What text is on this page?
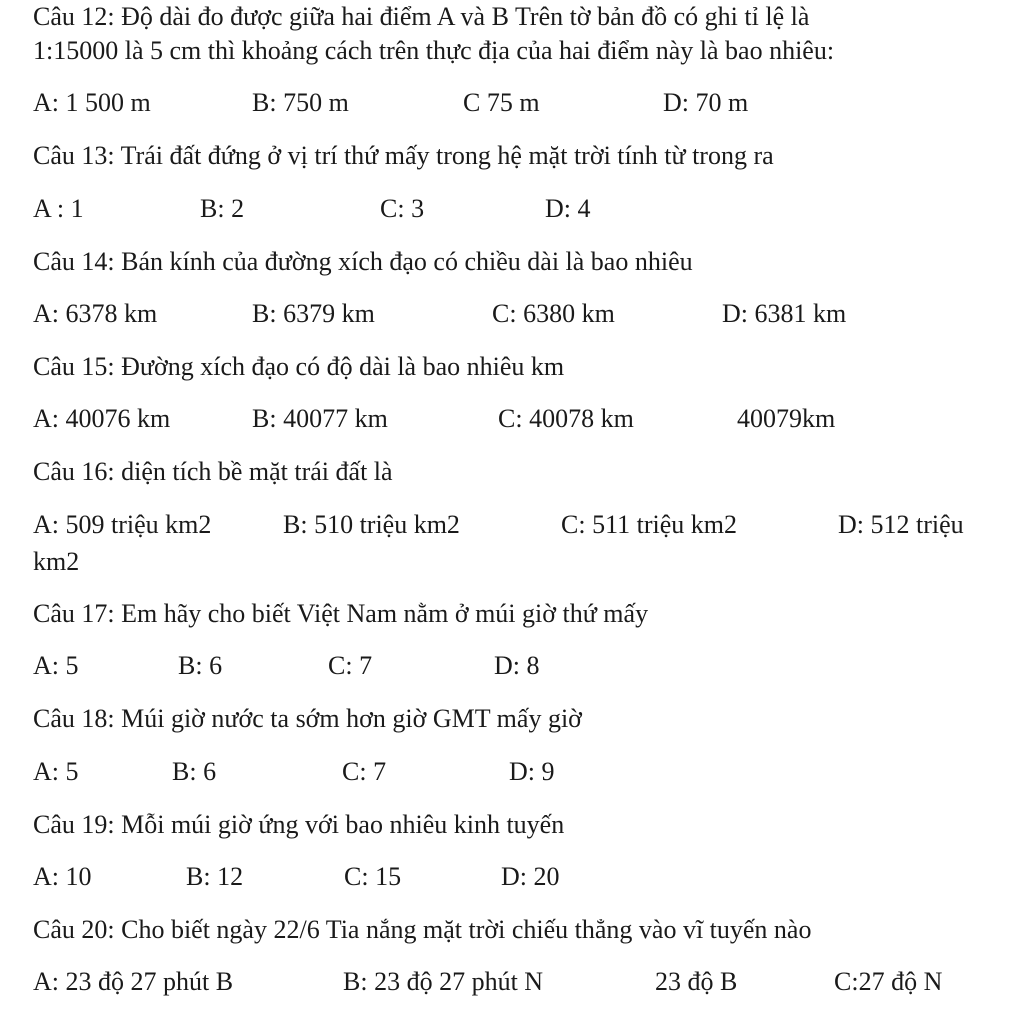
Câu 12: Độ dài đo được giữa hai điểm A và B Trên tờ bản đồ có ghi tỉ lệ là
1:15000 là 5 cm thì khoảng cách trên thực địa của hai điểm này là bao nhiêu:
A: 1 500 m	B: 750 m	C 75 m	D: 70 m
Câu 13: Trái đất đứng ở vị trí thứ mấy trong hệ mặt trời tính từ trong ra
A : 1	B: 2	C: 3	D: 4
Câu 14: Bán kính của đường xích đạo có chiều dài là bao nhiêu
A: 6378 km	B: 6379 km	C: 6380 km	D: 6381 km
Câu 15: Đường xích đạo có độ dài là bao nhiêu km
A: 40076 km	B: 40077 km	C: 40078 km	40079km
Câu 16: diện tích bề mặt trái đất là
A: 509 triệu km2	B: 510 triệu km2	C: 511 triệu km2	D: 512 triệu
km2
Câu 17: Em hãy cho biết Việt Nam nằm ở múi giờ thứ mấy
A: 5	B: 6	C: 7	D: 8
Câu 18: Múi giờ nước ta sớm hơn giờ GMT mấy giờ
A: 5	B: 6	C: 7	D: 9
Câu 19: Mỗi múi giờ ứng với bao nhiêu kinh tuyến
A: 10	B: 12	C: 15	D: 20
Câu 20: Cho biết ngày 22/6 Tia nắng mặt trời chiếu thẳng vào vĩ tuyến nào
A: 23 độ 27 phút B	B: 23 độ 27 phút N	23 độ B	C:27 độ N
